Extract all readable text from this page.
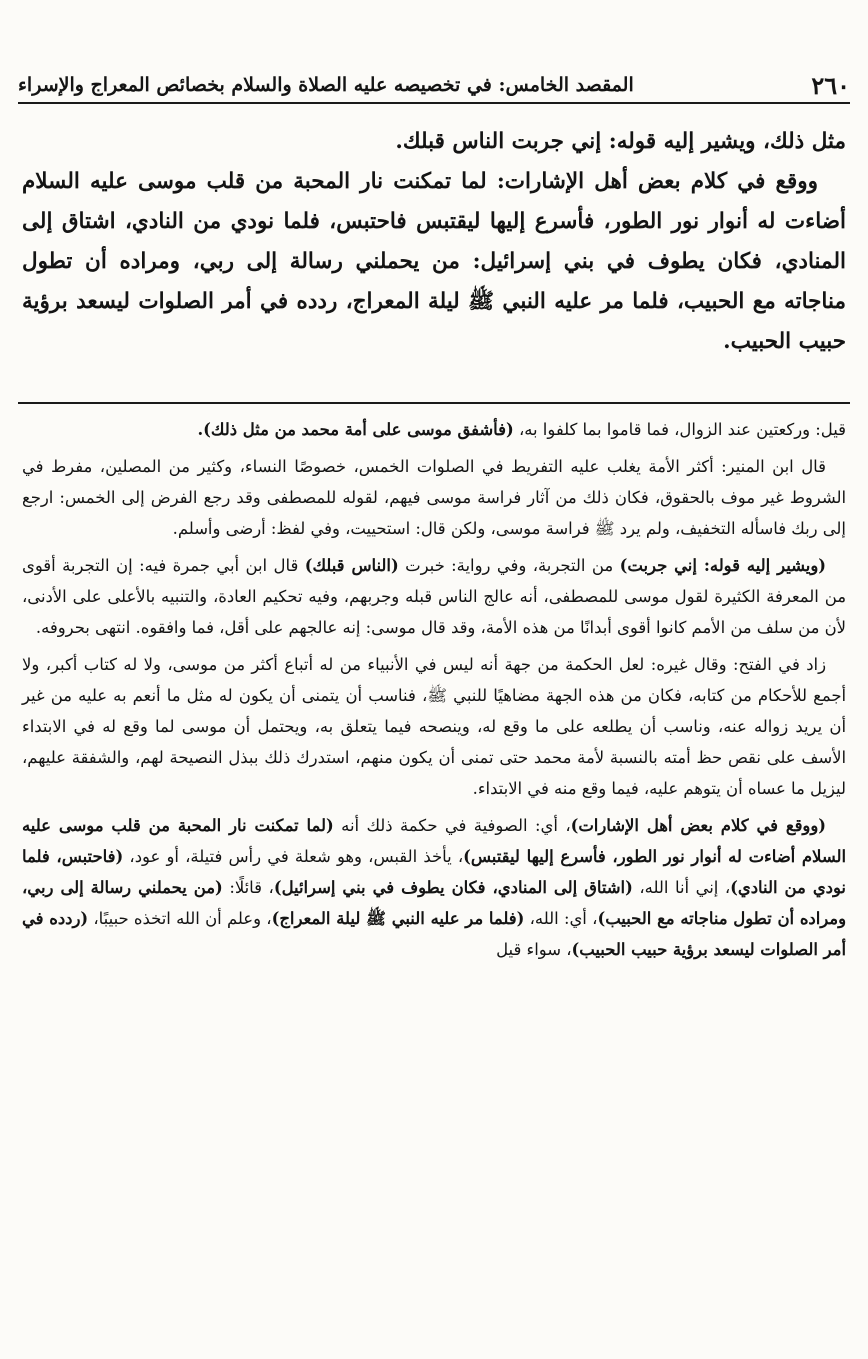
٢٦٠
المقصد الخامس: في تخصيصه عليه الصلاة والسلام بخصائص المعراج والإسراء

مثل ذلك، ويشير إليه قوله: إني جربت الناس قبلك.

ووقع في كلام بعض أهل الإشارات: لما تمكنت نار المحبة من قلب موسى عليه السلام أضاءت له أنوار نور الطور، فأسرع إليها ليقتبس فاحتبس، فلما نودي من النادي، اشتاق إلى المنادي، فكان يطوف في بني إسرائيل: من يحملني رسالة إلى ربي، ومراده أن تطول مناجاته مع الحبيب، فلما مر عليه النبي ﷺ ليلة المعراج، ردده في أمر الصلوات ليسعد برؤية حبيب الحبيب.

قيل: وركعتين عند الزوال، فما قاموا بما كلفوا به، (فأشفق موسى على أمة محمد من مثل ذلك).

قال ابن المنير: أكثر الأمة يغلب عليه التفريط في الصلوات الخمس، خصوصًا النساء، وكثير من المصلين، مفرط في الشروط غير موف بالحقوق، فكان ذلك من آثار فراسة موسى فيهم، لقوله للمصطفى وقد رجع الفرض إلى الخمس: ارجع إلى ربك فاسأله التخفيف، ولم يرد ﷺ فراسة موسى، ولكن قال: استحييت، وفي لفظ: أرضى وأسلم.

(ويشير إليه قوله: إني جربت) من التجربة، وفي رواية: خبرت (الناس قبلك) قال ابن أبي جمرة فيه: إن التجربة أقوى من المعرفة الكثيرة لقول موسى للمصطفى، أنه عالج الناس قبله وجربهم، وفيه تحكيم العادة، والتنبيه بالأعلى على الأدنى، لأن من سلف من الأمم كانوا أقوى أبدانًا من هذه الأمة، وقد قال موسى: إنه عالجهم على أقل، فما وافقوه. انتهى بحروفه.

زاد في الفتح: وقال غيره: لعل الحكمة من جهة أنه ليس في الأنبياء من له أتباع أكثر من موسى، ولا له كتاب أكبر، ولا أجمع للأحكام من كتابه، فكان من هذه الجهة مضاهيًا للنبي ﷺ، فناسب أن يتمنى أن يكون له مثل ما أنعم به عليه من غير أن يريد زواله عنه، وناسب أن يطلعه على ما وقع له، وينصحه فيما يتعلق به، ويحتمل أن موسى لما وقع له في الابتداء الأسف على نقص حظ أمته بالنسبة لأمة محمد حتى تمنى أن يكون منهم، استدرك ذلك ببذل النصيحة لهم، والشفقة عليهم، ليزيل ما عساه أن يتوهم عليه، فيما وقع منه في الابتداء.

(ووقع في كلام بعض أهل الإشارات)، أي: الصوفية في حكمة ذلك أنه (لما تمكنت نار المحبة من قلب موسى عليه السلام أضاءت له أنوار نور الطور، فأسرع إليها ليقتبس)، يأخذ القبس، وهو شعلة في رأس فتيلة، أو عود، (فاحتبس، فلما نودي من النادي)، إني أنا الله، (اشتاق إلى المنادي، فكان يطوف في بني إسرائيل)، قائلًا: (من يحملني رسالة إلى ربي، ومراده أن تطول مناجاته مع الحبيب)، أي: الله، (فلما مر عليه النبي ﷺ ليلة المعراج)، وعلم أن الله اتخذه حبيبًا، (ردده في أمر الصلوات ليسعد برؤية حبيب الحبيب)، سواء قيل
